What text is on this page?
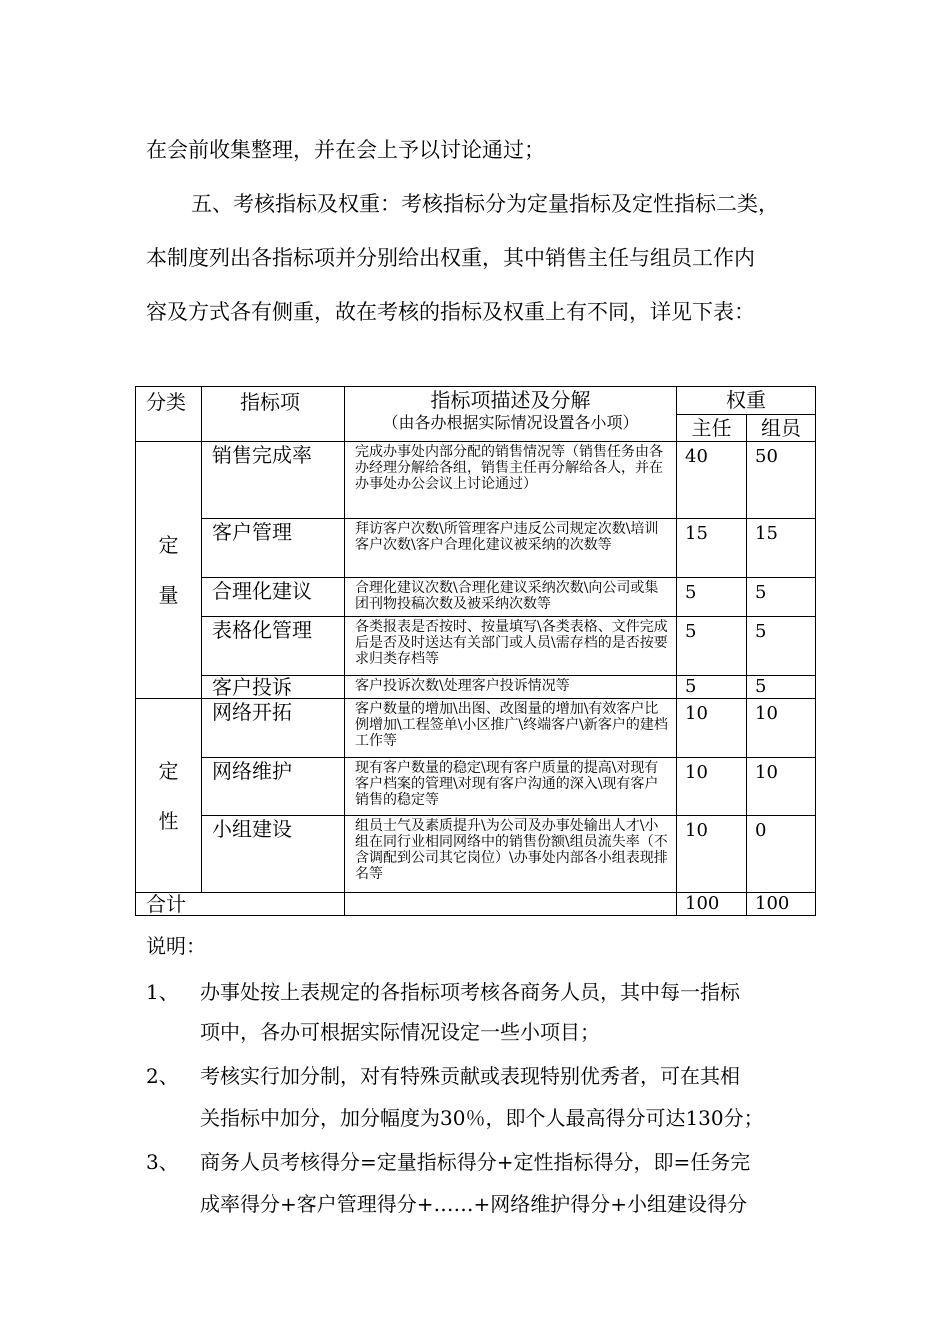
在会前收集整理，并在会上予以讨论通过；
五、考核指标及权重：考核指标分为定量指标及定性指标二类，
本制度列出各指标项并分别给出权重，其中销售主任与组员工作内
容及方式各有侧重，故在考核的指标及权重上有不同，详见下表：
分类	指标项	指标项描述及分解
（由各办根据实际情况设置各小项）	权重	
			主任	组员

定
量	销售完成率	完成办事处内部分配的销售情况等（销售任务由各办经理分解给各组，销售主任再分解给各人，并在办事处办公会议上讨论通过）	40	50
	客户管理	拜访客户次数\所管理客户违反公司规定次数\培训客户次数\客户合理化建议被采纳的次数等	15	15
	合理化建议	合理化建议次数\合理化建议采纳次数\向公司或集团刊物投稿次数及被采纳次数等	5	5
	表格化管理	各类报表是否按时、按量填写\各类表格、文件完成后是否及时送达有关部门或人员\需存档的是否按要求归类存档等	5	5
	客户投诉	客户投诉次数\处理客户投诉情况等	5	5

定
性	网络开拓	客户数量的增加\出图、改图量的增加\有效客户比例增加\工程签单\小区推广\终端客户\新客户的建档工作等	10	10
	网络维护	现有客户数量的稳定\现有客户质量的提高\对现有客户档案的管理\对现有客户沟通的深入\现有客户销售的稳定等	10	10
	小组建设	组员士气及素质提升\为公司及办事处输出人才\小组在同行业相同网络中的销售份额\组员流失率（不含调配到公司其它岗位）\办事处内部各小组表现排名等	10	0
合计			100	100
说明：
1、 办事处按上表规定的各指标项考核各商务人员，其中每一指标
项中，各办可根据实际情况设定一些小项目；
2、 考核实行加分制，对有特殊贡献或表现特别优秀者，可在其相
关指标中加分，加分幅度为30％，即个人最高得分可达130分；
3、 商务人员考核得分=定量指标得分+定性指标得分，即=任务完
成率得分+客户管理得分+……+网络维护得分+小组建设得分
